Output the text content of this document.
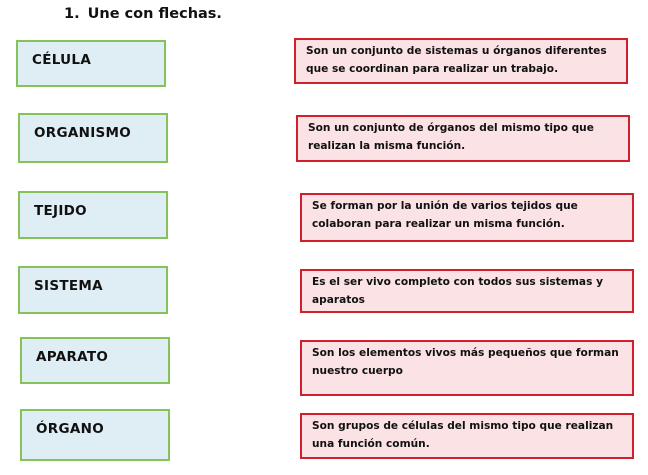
1. Une con flechas.
CÉLULA
ORGANISMO
TEJIDO
SISTEMA
APARATO
ÓRGANO
Son un conjunto de sistemas u órganos diferentes que se coordinan para realizar un trabajo.
Son un conjunto de órganos del mismo tipo que realizan la misma función.
Se forman por la unión de varios tejidos que colaboran para realizar un misma función.
Es el ser vivo completo con todos sus sistemas y aparatos
Son los elementos vivos más pequeños que forman nuestro cuerpo
Son grupos de células del mismo tipo que realizan una función común.
